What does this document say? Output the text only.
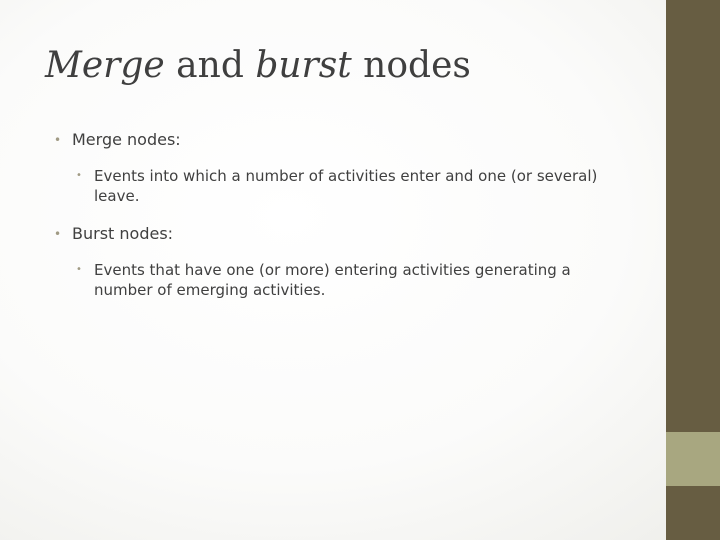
Merge and burst nodes
• Merge nodes:
• Events into which a number of activities enter and one (or several) leave.
• Burst nodes:
• Events that have one (or more) entering activities generating a number of emerging activities.
